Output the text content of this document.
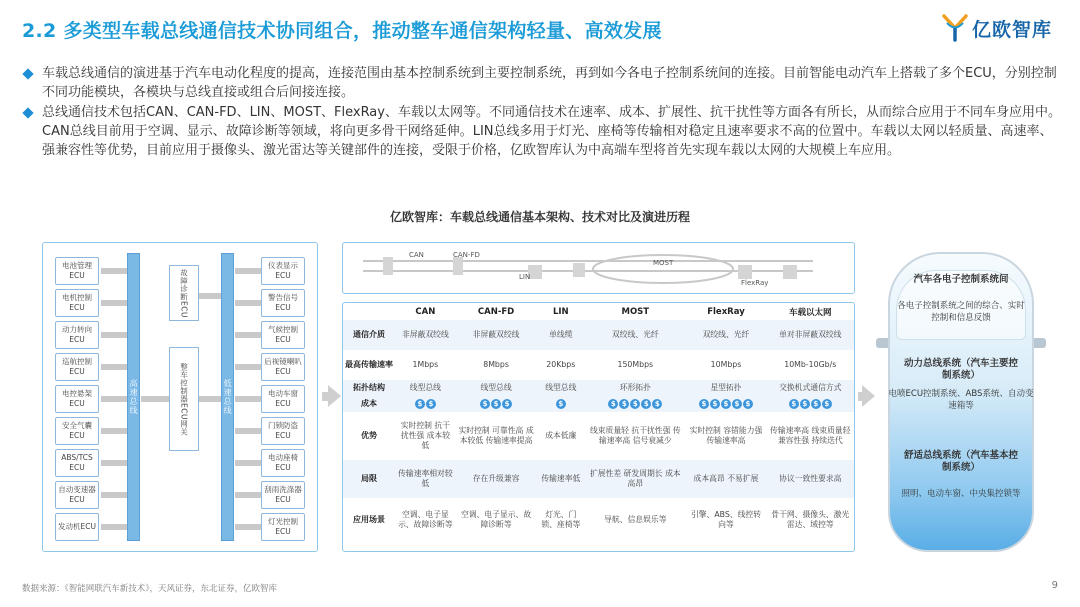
2.2 多类型车载总线通信技术协同组合，推动整车通信架构轻量、高效发展	亿欧智库
车载总线通信的演进基于汽车电动化程度的提高，连接范围由基本控制系统到主要控制系统，再到如今各电子控制系统间的连接。目前智能电动汽车上搭载了多个ECU，分别控制不同功能模块，各模块与总线直接或组合后间接连接。
总线通信技术包括CAN、CAN-FD、LIN、MOST、FlexRay、车载以太网等。不同通信技术在速率、成本、扩展性、抗干扰性等方面各有所长，从而综合应用于不同车身应用中。 CAN总线目前用于空调、显示、故障诊断等领域，将向更多骨干网络延伸。LIN总线多用于灯光、座椅等传输相对稳定且速率要求不高的位置中。车载以太网以轻质量、高速率、强兼容性等优势，目前应用于摄像头、激光雷达等关键部件的连接，受限于价格，亿欧智库认为中高端车型将首先实现车载以太网的大规模上车应用。
亿欧智库：车载总线通信基本架构、技术对比及演进历程
电池管理ECU
电机控制ECU
动力转向ECU
巡航控制ECU
电控悬架ECU
安全气囊ECU
ABS/TCS ECU
自动变速器ECU
发动机ECU
高速总线
故障诊断ECU
整车控制器ECU网关	低速总线
仪表显示ECU
警告信号ECU
气候控制ECU
后视镜喇叭ECU
电动车窗ECU
门锁防盗ECU
电动座椅ECU
刮雨洗涤器ECU
灯光控制ECU
CAN	CAN-FD
LIN
MOST
FlexRay
	CAN	CAN-FD	LIN	MOST	FlexRay	车载以太网
通信介质	非屏蔽双绞线	非屏蔽双绞线	单线缆	双绞线、光纤	双绞线、光纤	单对非屏蔽双绞线
最高传输速率	1Mbps	8Mbps	20Kbps	150Mbps	10Mbps	10Mb-10Gb/s
拓扑结构	线型总线	线型总线	线型总线	环形拓扑	星型拓扑	交换机式通信方式
成本	$ $	$ $ $	$	$ $ $ $ $	$ $ $ $ $	$ $ $ $

优势	实时控制 抗干扰性强 成本较低	实时控制 可靠性高 成本较低 传输速率提高	成本低廉	线束质量轻 抗干扰性强 传输速率高 信号衰减少	实时控制 容错能力强 传输速率高	传输速率高 线束质量轻 兼容性强 持续迭代
局限	传输速率相对较低	存在升级兼容	传输速率低	扩展性差 研发周期长 成本高昂	成本高昂 不易扩展	协议一致性要求高
应用场景	空调、电子显示、故障诊断等	空调、电子显示、故障诊断等	灯光、门锁、座椅等	导航、信息娱乐等	引擎、ABS、线控转向等	骨干网、摄像头、激光雷达、域控等
汽车各电子控制系统间
各电子控制系统之间的综合、实时控制和信息反馈
动力总线系统（汽车主要控制系统）
电喷ECU控制系统、ABS系统、自动变速箱等
舒适总线系统（汽车基本控制系统）
照明、电动车窗、中央集控锁等
数据来源：《智能网联汽车新技术》，天风证券，东北证券，亿欧智库	9
